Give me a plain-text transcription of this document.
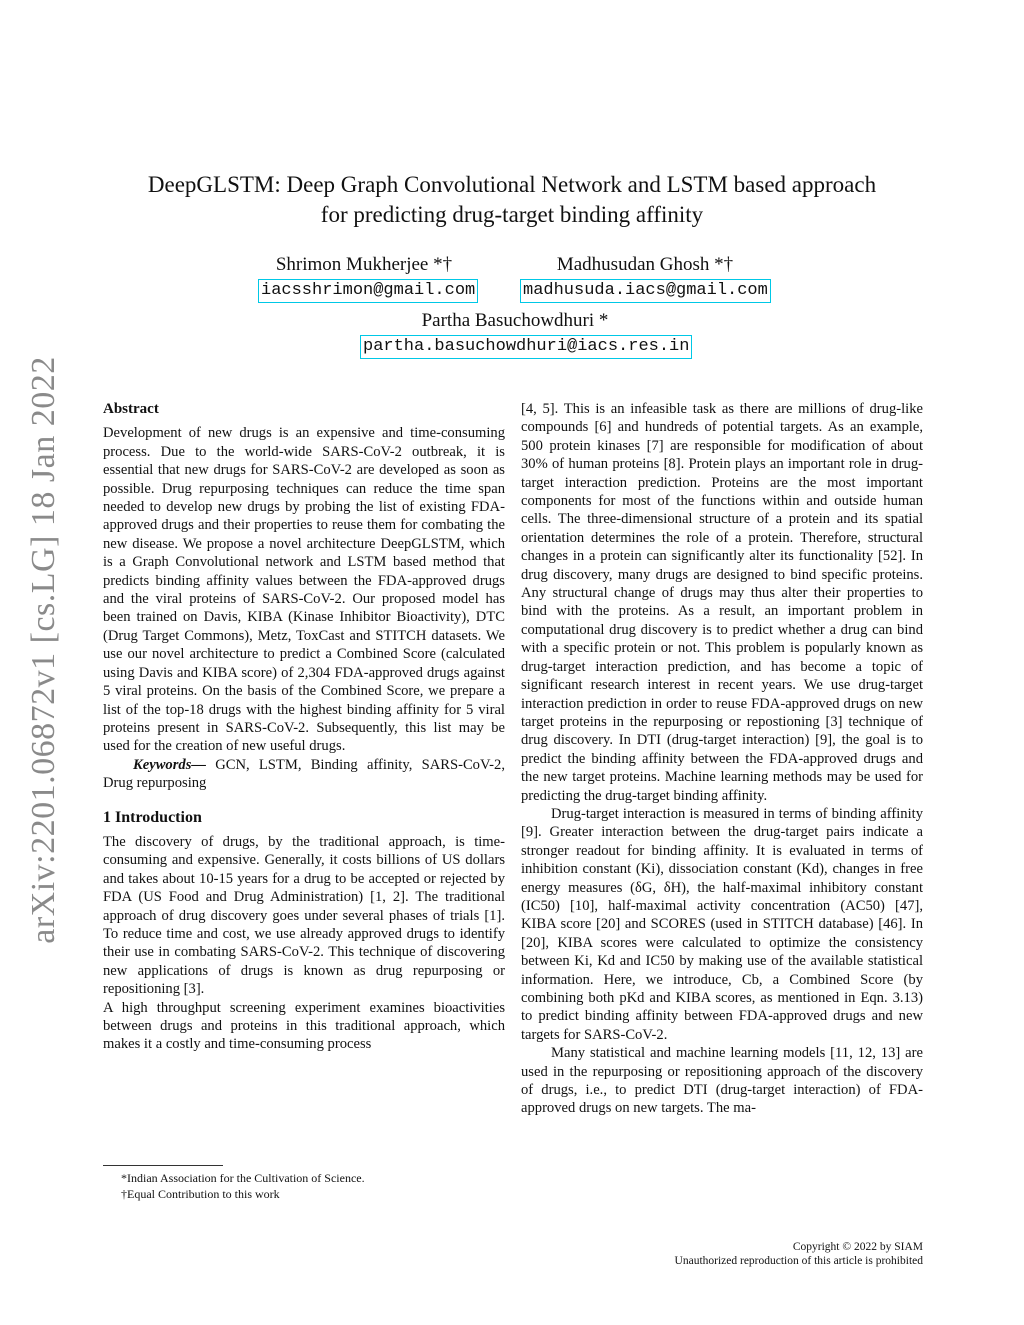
arXiv:2201.06872v1 [cs.LG] 18 Jan 2022
DeepGLSTM: Deep Graph Convolutional Network and LSTM based approach
for predicting drug-target binding affinity
Shrimon Mukherjee *†
iacsshrimon@gmail.com
Madhusudan Ghosh *†
madhusuda.iacs@gmail.com
Partha Basuchowdhuri *
partha.basuchowdhuri@iacs.res.in
Abstract

Development of new drugs is an expensive and time-consuming process. Due to the world-wide SARS-CoV-2 outbreak, it is essential that new drugs for SARS-CoV-2 are developed as soon as possible. Drug repurposing techniques can reduce the time span needed to develop new drugs by probing the list of existing FDA-approved drugs and their properties to reuse them for combating the new disease. We propose a novel architecture DeepGLSTM, which is a Graph Convolutional network and LSTM based method that predicts binding affinity values between the FDA-approved drugs and the viral proteins of SARS-CoV-2. Our proposed model has been trained on Davis, KIBA (Kinase Inhibitor Bioactivity), DTC (Drug Target Commons), Metz, ToxCast and STITCH datasets. We use our novel architecture to predict a Combined Score (calculated using Davis and KIBA score) of 2,304 FDA-approved drugs against 5 viral proteins. On the basis of the Combined Score, we prepare a list of the top-18 drugs with the highest binding affinity for 5 viral proteins present in SARS-CoV-2. Subsequently, this list may be used for the creation of new useful drugs.

Keywords— GCN, LSTM, Binding affinity, SARS-CoV-2, Drug repurposing

1 Introduction

The discovery of drugs, by the traditional approach, is time-consuming and expensive. Generally, it costs billions of US dollars and takes about 10-15 years for a drug to be accepted or rejected by FDA (US Food and Drug Administration) [1, 2]. The traditional approach of drug discovery goes under several phases of trials [1]. To reduce time and cost, we use already approved drugs to identify their use in combating SARS-CoV-2. This technique of discovering new applications of drugs is known as drug repurposing or repositioning [3].

A high throughput screening experiment examines bioactivities between drugs and proteins in this traditional approach, which makes it a costly and time-consuming process

[4, 5]. This is an infeasible task as there are millions of drug-like compounds [6] and hundreds of potential targets. As an example, 500 protein kinases [7] are responsible for modification of about 30% of human proteins [8]. Protein plays an important role in drug-target interaction prediction. Proteins are the most important components for most of the functions within and outside human cells. The three-dimensional structure of a protein and its spatial orientation determines the role of a protein. Therefore, structural changes in a protein can significantly alter its functionality [52]. In drug discovery, many drugs are designed to bind specific proteins. Any structural change of drugs may thus alter their properties to bind with the proteins. As a result, an important problem in computational drug discovery is to predict whether a drug can bind with a specific protein or not. This problem is popularly known as drug-target interaction prediction, and has become a topic of significant research interest in recent years. We use drug-target interaction prediction in order to reuse FDA-approved drugs on new target proteins in the repurposing or repostioning [3] technique of drug discovery. In DTI (drug-target interaction) [9], the goal is to predict the binding affinity between the FDA-approved drugs and the new target proteins. Machine learning methods may be used for predicting the drug-target binding affinity.

Drug-target interaction is measured in terms of binding affinity [9]. Greater interaction between the drug-target pairs indicate a stronger readout for binding affinity. It is evaluated in terms of inhibition constant (Ki), dissociation constant (Kd), changes in free energy measures (δG, δH), the half-maximal inhibitory constant (IC50) [10], half-maximal activity concentration (AC50) [47], KIBA score [20] and SCORES (used in STITCH database) [46]. In [20], KIBA scores were calculated to optimize the consistency between Ki, Kd and IC50 by making use of the available statistical information. Here, we introduce, Cb, a Combined Score (by combining both pKd and KIBA scores, as mentioned in Eqn. 3.13) to predict binding affinity between FDA-approved drugs and new targets for SARS-CoV-2.

Many statistical and machine learning models [11, 12, 13] are used in the repurposing or repositioning approach of the discovery of drugs, i.e., to predict DTI (drug-target interaction) of FDA-approved drugs on new targets. The ma-

*Indian Association for the Cultivation of Science.

†Equal Contribution to this work

Copyright © 2022 by SIAM
Unauthorized reproduction of this article is prohibited
